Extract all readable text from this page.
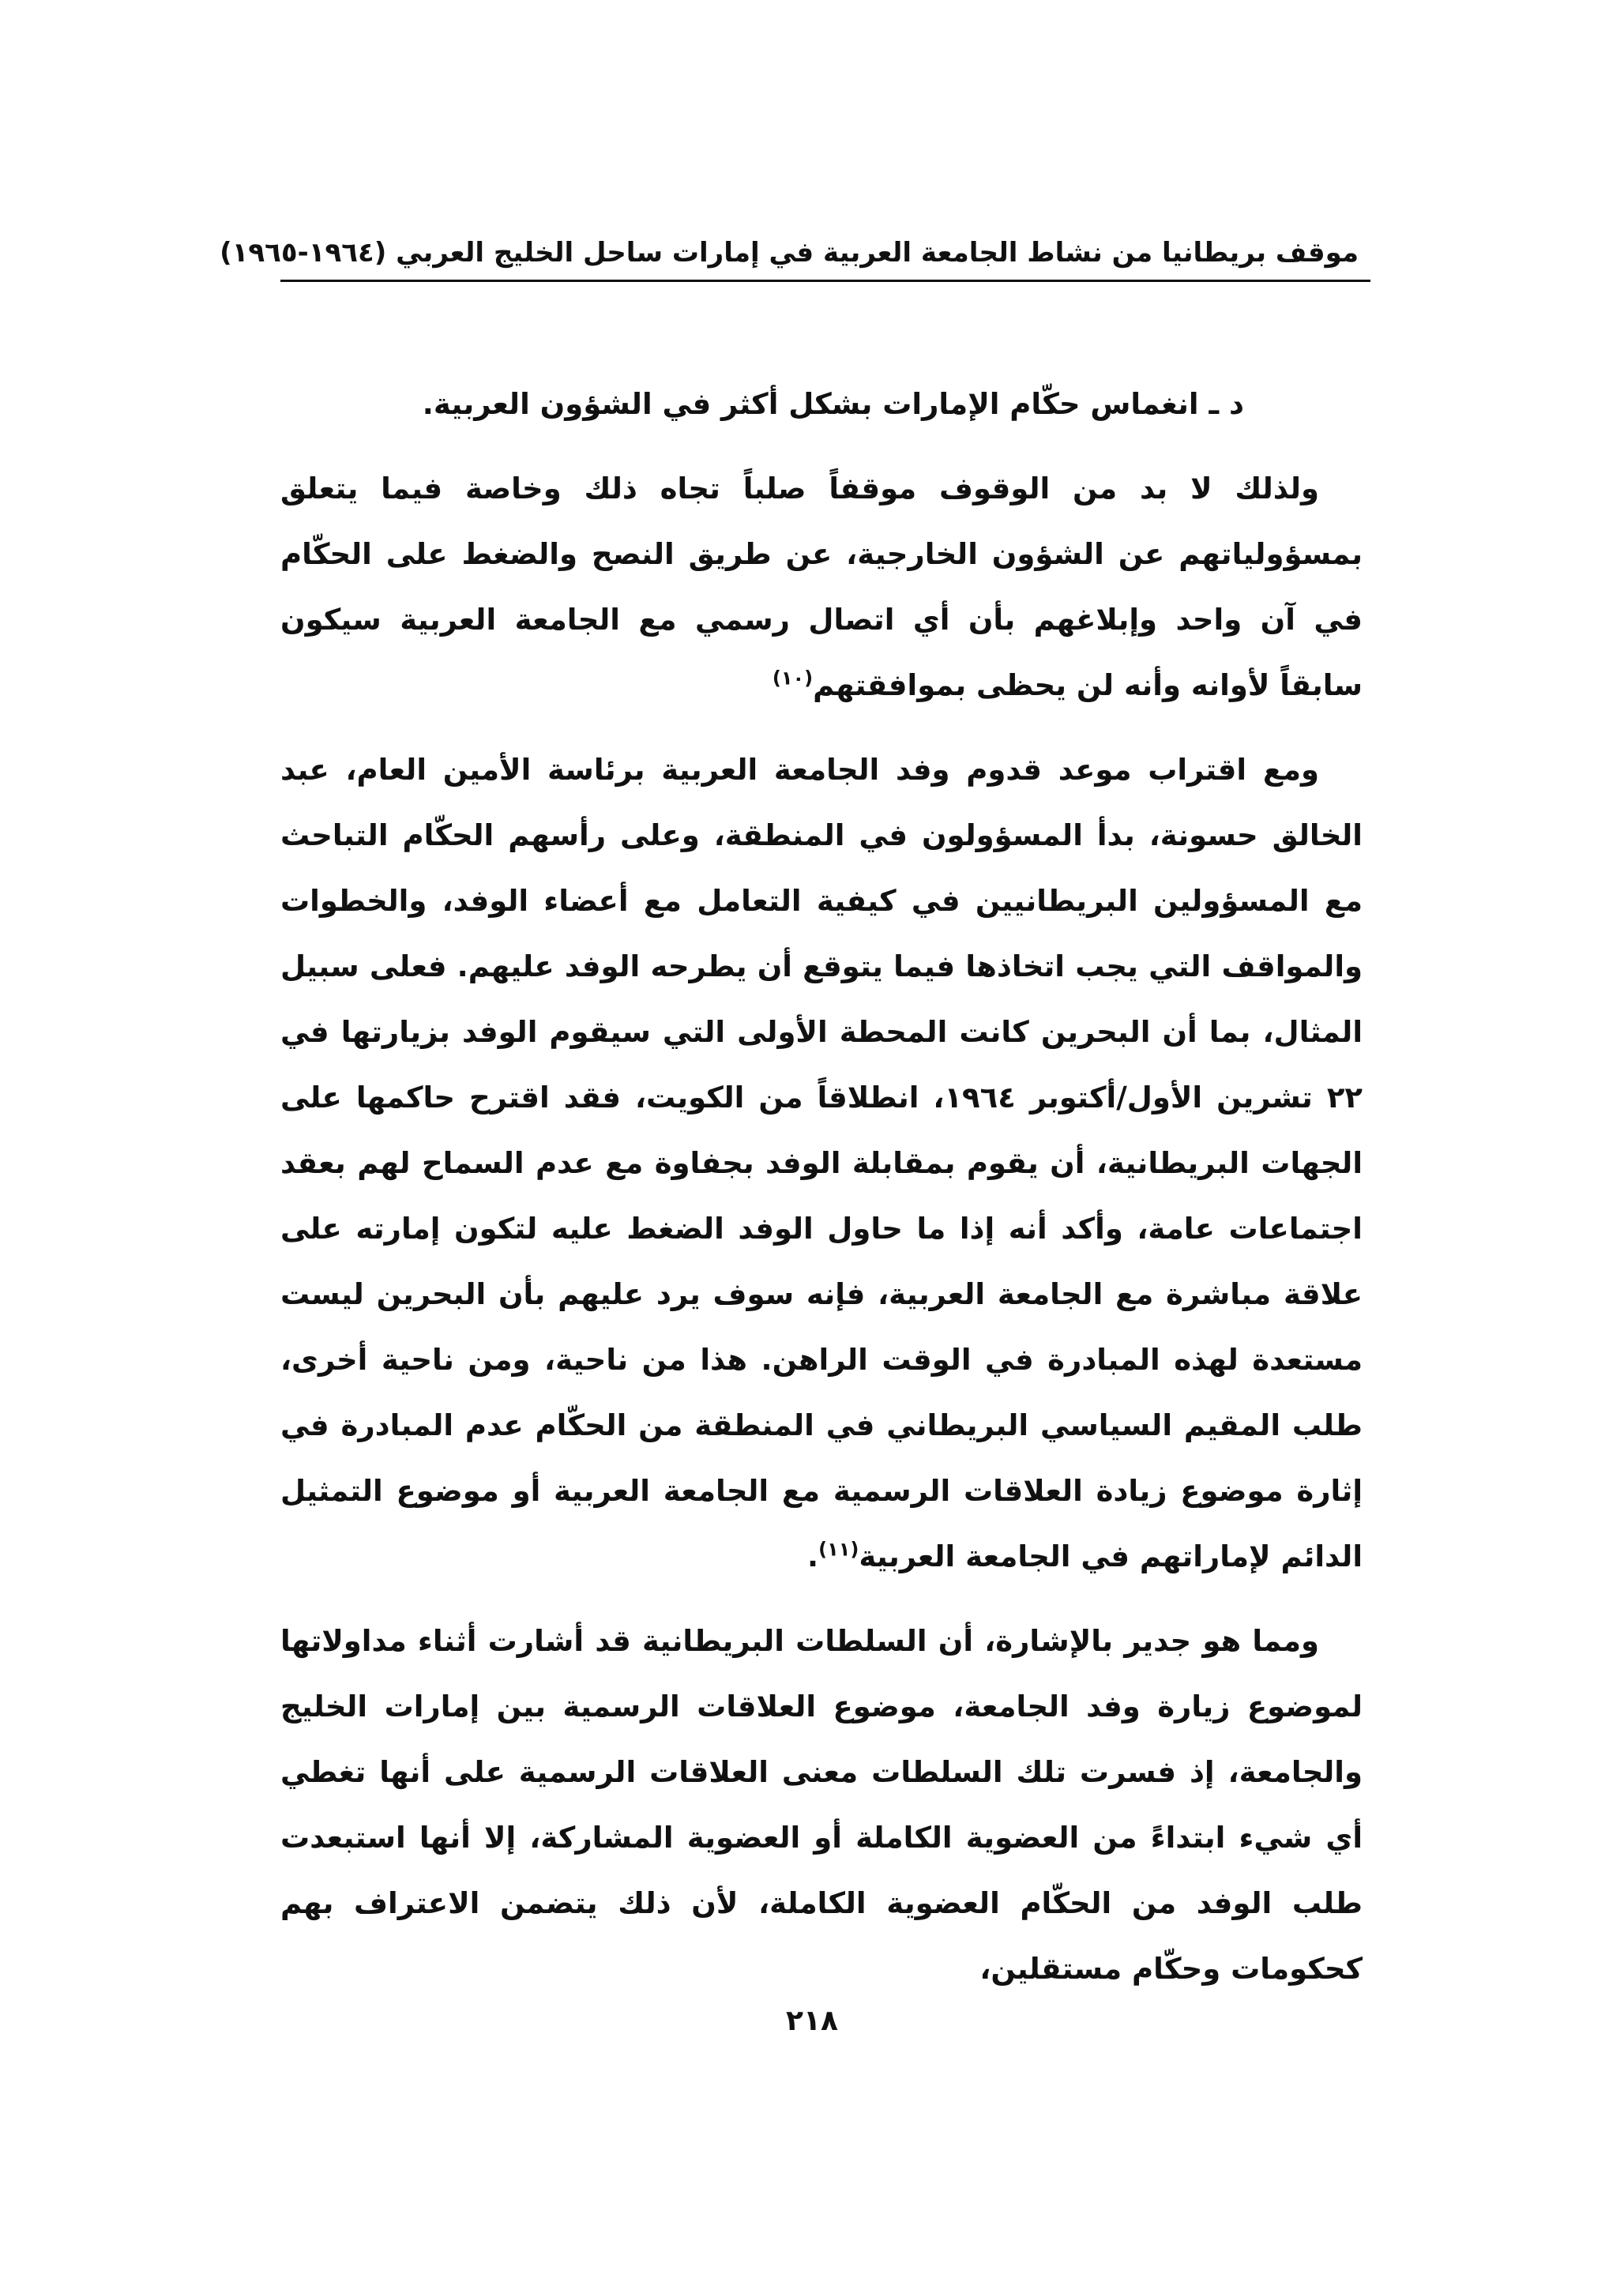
موقف بريطانيا من نشاط الجامعة العربية في إمارات ساحل الخليج العربي (١٩٦٤-١٩٦٥)

د ـ انغماس حكّام الإمارات بشكل أكثر في الشؤون العربية.

ولذلك لا بد من الوقوف موقفاً صلباً تجاه ذلك وخاصة فيما يتعلق بمسؤولياتهم عن الشؤون الخارجية، عن طريق النصح والضغط على الحكّام في آن واحد وإبلاغهم بأن أي اتصال رسمي مع الجامعة العربية سيكون سابقاً لأوانه وأنه لن يحظى بموافقتهم$^{(١٠)}$

ومع اقتراب موعد قدوم وفد الجامعة العربية برئاسة الأمين العام، عبد الخالق حسونة، بدأ المسؤولون في المنطقة، وعلى رأسهم الحكّام التباحث مع المسؤولين البريطانيين في كيفية التعامل مع أعضاء الوفد، والخطوات والمواقف التي يجب اتخاذها فيما يتوقع أن يطرحه الوفد عليهم. فعلى سبيل المثال، بما أن البحرين كانت المحطة الأولى التي سيقوم الوفد بزيارتها في ٢٢ تشرين الأول/أكتوبر ١٩٦٤، انطلاقاً من الكويت، فقد اقترح حاكمها على الجهات البريطانية، أن يقوم بمقابلة الوفد بجفاوة مع عدم السماح لهم بعقد اجتماعات عامة، وأكد أنه إذا ما حاول الوفد الضغط عليه لتكون إمارته على علاقة مباشرة مع الجامعة العربية، فإنه سوف يرد عليهم بأن البحرين ليست مستعدة لهذه المبادرة في الوقت الراهن. هذا من ناحية، ومن ناحية أخرى، طلب المقيم السياسي البريطاني في المنطقة من الحكّام عدم المبادرة في إثارة موضوع زيادة العلاقات الرسمية مع الجامعة العربية أو موضوع التمثيل الدائم لإماراتهم في الجامعة العربية$^{(١١)}$.

ومما هو جدير بالإشارة، أن السلطات البريطانية قد أشارت أثناء مداولاتها لموضوع زيارة وفد الجامعة، موضوع العلاقات الرسمية بين إمارات الخليج والجامعة، إذ فسرت تلك السلطات معنى العلاقات الرسمية على أنها تغطي أي شيء ابتداءً من العضوية الكاملة أو العضوية المشاركة، إلا أنها استبعدت طلب الوفد من الحكّام العضوية الكاملة، لأن ذلك يتضمن الاعتراف بهم كحكومات وحكّام مستقلين،

٢١٨
